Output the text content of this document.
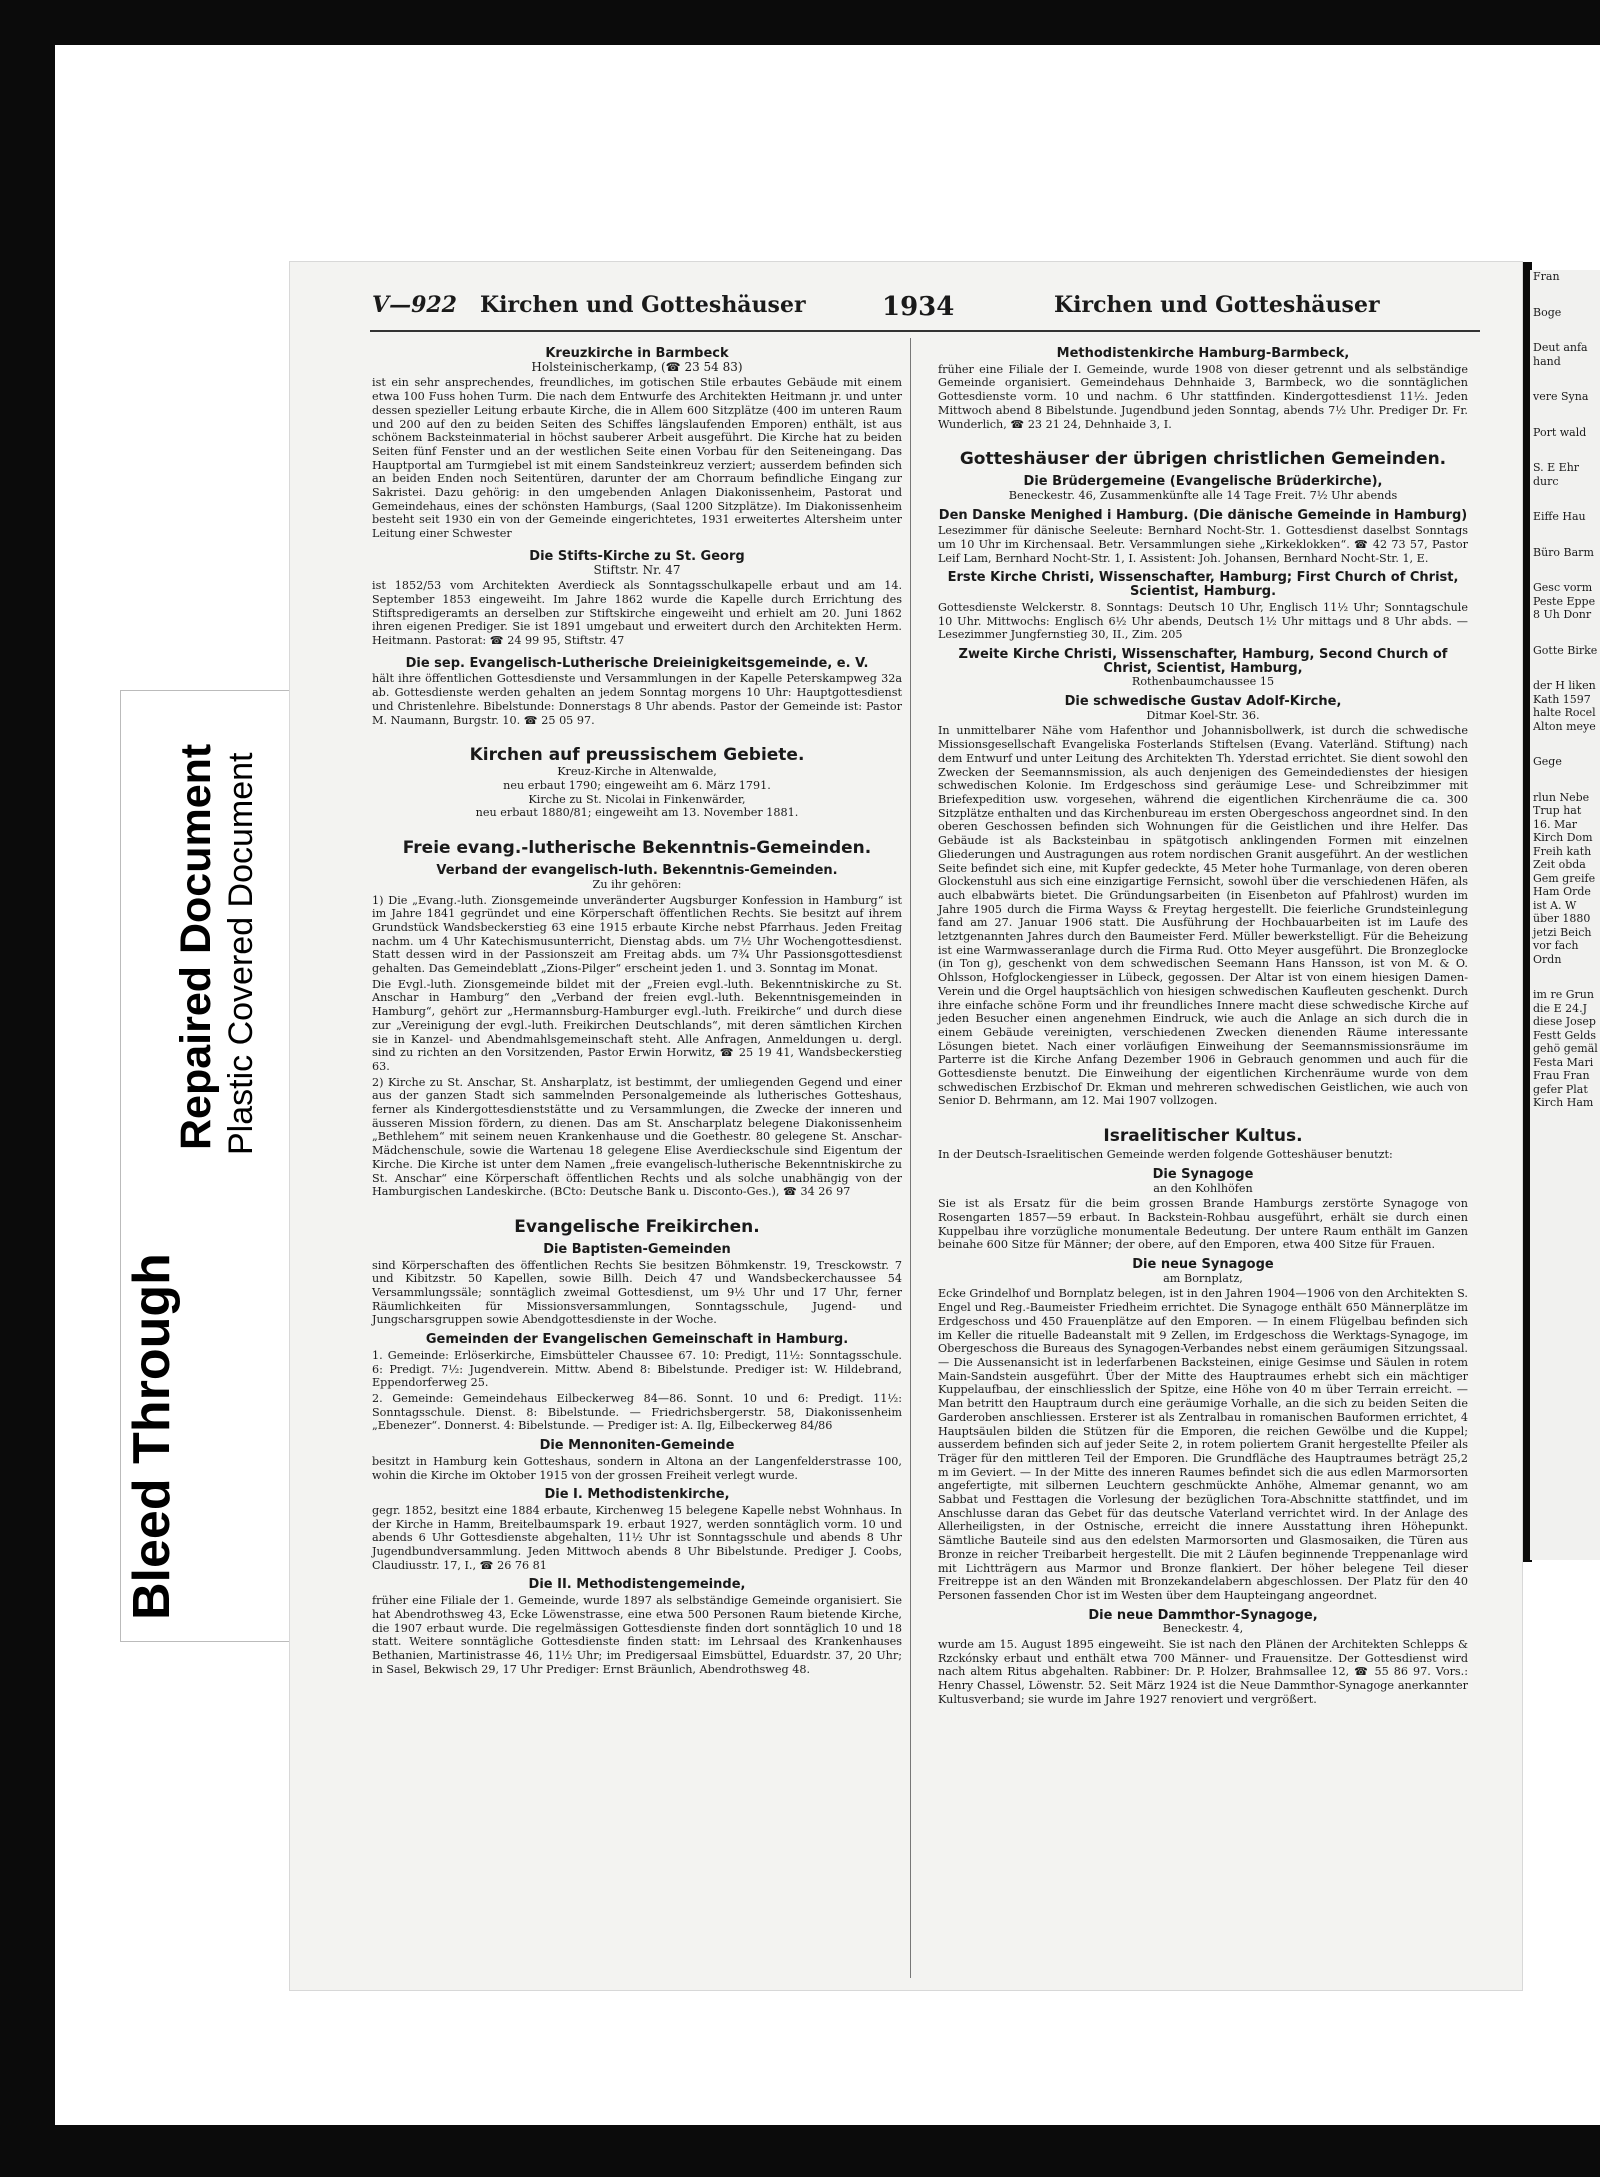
Bleed Through
Repaired Document Plastic Covered Document
V—922 Kirchen und Gotteshäuser	1934	Kirchen und Gotteshäuser

Kreuzkirche in Barmbeck

Holsteinischerkamp, (☎ 23 54 83)

ist ein sehr ansprechendes, freundliches, im gotischen Stile erbautes Gebäude mit einem etwa 100 Fuss hohen Turm. Die nach dem Entwurfe des Architekten Heitmann jr. und unter dessen spezieller Leitung erbaute Kirche, die in Allem 600 Sitzplätze (400 im unteren Raum und 200 auf den zu beiden Seiten des Schiffes längslaufenden Emporen) enthält, ist aus schönem Backsteinmaterial in höchst sauberer Arbeit ausgeführt. Die Kirche hat zu beiden Seiten fünf Fenster und an der westlichen Seite einen Vorbau für den Seiteneingang. Das Hauptportal am Turmgiebel ist mit einem Sandsteinkreuz verziert; ausserdem befinden sich an beiden Enden noch Seitentüren, darunter der am Chorraum befindliche Eingang zur Sakristei. Dazu gehörig: in den umgebenden Anlagen Diakonissenheim, Pastorat und Gemeindehaus, eines der schönsten Hamburgs, (Saal 1200 Sitzplätze). Im Diakonissenheim besteht seit 1930 ein von der Gemeinde eingerichtetes, 1931 erweitertes Altersheim unter Leitung einer Schwester

Die Stifts-Kirche zu St. Georg

Stiftstr. Nr. 47

ist 1852/53 vom Architekten Averdieck als Sonntagsschulkapelle erbaut und am 14. September 1853 eingeweiht. Im Jahre 1862 wurde die Kapelle durch Errichtung des Stiftspredigeramts an derselben zur Stiftskirche eingeweiht und erhielt am 20. Juni 1862 ihren eigenen Prediger. Sie ist 1891 umgebaut und erweitert durch den Architekten Herm. Heitmann. Pastorat: ☎ 24 99 95, Stiftstr. 47

Die sep. Evangelisch-Lutherische Dreieinigkeitsgemeinde, e. V.

hält ihre öffentlichen Gottesdienste und Versammlungen in der Kapelle Peterskampweg 32a ab. Gottesdienste werden gehalten an jedem Sonntag morgens 10 Uhr: Hauptgottesdienst und Christenlehre. Bibelstunde: Donnerstags 8 Uhr abends. Pastor der Gemeinde ist: Pastor M. Naumann, Burgstr. 10. ☎ 25 05 97.

Kirchen auf preussischem Gebiete.

Kreuz-Kirche in Altenwalde,

neu erbaut 1790; eingeweiht am 6. März 1791.

Kirche zu St. Nicolai in Finkenwärder,

neu erbaut 1880/81; eingeweiht am 13. November 1881.

Freie evang.-lutherische Bekenntnis-Gemeinden.

Verband der evangelisch-luth. Bekenntnis-Gemeinden.

Zu ihr gehören:

1) Die „Evang.-luth. Zionsgemeinde unveränderter Augsburger Konfession in Hamburg“ ist im Jahre 1841 gegründet und eine Körperschaft öffentlichen Rechts. Sie besitzt auf ihrem Grundstück Wandsbeckerstieg 63 eine 1915 erbaute Kirche nebst Pfarrhaus. Jeden Freitag nachm. um 4 Uhr Katechismusunterricht, Dienstag abds. um 7½ Uhr Wochengottesdienst. Statt dessen wird in der Passionszeit am Freitag abds. um 7¾ Uhr Passionsgottesdienst gehalten. Das Gemeindeblatt „Zions-Pilger“ erscheint jeden 1. und 3. Sonntag im Monat.

Die Evgl.-luth. Zionsgemeinde bildet mit der „Freien evgl.-luth. Bekenntniskirche zu St. Anschar in Hamburg“ den „Verband der freien evgl.-luth. Bekenntnisgemeinden in Hamburg“, gehört zur „Hermannsburg-Hamburger evgl.-luth. Freikirche“ und durch diese zur „Vereinigung der evgl.-luth. Freikirchen Deutschlands“, mit deren sämtlichen Kirchen sie in Kanzel- und Abendmahlsgemeinschaft steht. Alle Anfragen, Anmeldungen u. dergl. sind zu richten an den Vorsitzenden, Pastor Erwin Horwitz, ☎ 25 19 41, Wandsbeckerstieg 63.

2) Kirche zu St. Anschar, St. Ansharplatz, ist bestimmt, der umliegenden Gegend und einer aus der ganzen Stadt sich sammelnden Personalgemeinde als lutherisches Gotteshaus, ferner als Kindergottesdienststätte und zu Versammlungen, die Zwecke der inneren und äusseren Mission fördern, zu dienen. Das am St. Anscharplatz belegene Diakonissenheim „Bethlehem“ mit seinem neuen Krankenhause und die Goethestr. 80 gelegene St. Anschar-Mädchenschule, sowie die Wartenau 18 gelegene Elise Averdieckschule sind Eigentum der Kirche. Die Kirche ist unter dem Namen „freie evangelisch-lutherische Bekenntniskirche zu St. Anschar“ eine Körperschaft öffentlichen Rechts und als solche unabhängig von der Hamburgischen Landeskirche. (BCto: Deutsche Bank u. Disconto-Ges.), ☎ 34 26 97

Evangelische Freikirchen.

Die Baptisten-Gemeinden

sind Körperschaften des öffentlichen Rechts Sie besitzen Böhmkenstr. 19, Tresckowstr. 7 und Kibitzstr. 50 Kapellen, sowie Billh. Deich 47 und Wandsbeckerchaussee 54 Versammlungssäle; sonntäglich zweimal Gottesdienst, um 9½ Uhr und 17 Uhr, ferner Räumlichkeiten für Missionsversammlungen, Sonntagsschule, Jugend- und Jungscharsgruppen sowie Abendgottesdienste in der Woche.

Gemeinden der Evangelischen Gemeinschaft in Hamburg.

1. Gemeinde: Erlöserkirche, Eimsbütteler Chaussee 67. 10: Predigt, 11½: Sonntagsschule. 6: Predigt. 7½: Jugendverein. Mittw. Abend 8: Bibelstunde. Prediger ist: W. Hildebrand, Eppendorferweg 25.

2. Gemeinde: Gemeindehaus Eilbeckerweg 84—86. Sonnt. 10 und 6: Predigt. 11½: Sonntagsschule. Dienst. 8: Bibelstunde. — Friedrichsbergerstr. 58, Diakonissenheim „Ebenezer“. Donnerst. 4: Bibelstunde. — Prediger ist: A. Ilg, Eilbeckerweg 84/86

Die Mennoniten-Gemeinde

besitzt in Hamburg kein Gotteshaus, sondern in Altona an der Langenfelderstrasse 100, wohin die Kirche im Oktober 1915 von der grossen Freiheit verlegt wurde.

Die I. Methodistenkirche,

gegr. 1852, besitzt eine 1884 erbaute, Kirchenweg 15 belegene Kapelle nebst Wohnhaus. In der Kirche in Hamm, Breitelbaumspark 19. erbaut 1927, werden sonntäglich vorm. 10 und abends 6 Uhr Gottesdienste abgehalten, 11½ Uhr ist Sonntagsschule und abends 8 Uhr Jugendbundversammlung. Jeden Mittwoch abends 8 Uhr Bibelstunde. Prediger J. Coobs, Claudiusstr. 17, I., ☎ 26 76 81

Die II. Methodistengemeinde,

früher eine Filiale der 1. Gemeinde, wurde 1897 als selbständige Gemeinde organisiert. Sie hat Abendrothsweg 43, Ecke Löwenstrasse, eine etwa 500 Personen Raum bietende Kirche, die 1907 erbaut wurde. Die regelmässigen Gottesdienste finden dort sonntäglich 10 und 18 statt. Weitere sonntägliche Gottesdienste finden statt: im Lehrsaal des Krankenhauses Bethanien, Martinistrasse 46, 11½ Uhr; im Predigersaal Eimsbüttel, Eduardstr. 37, 20 Uhr; in Sasel, Bekwisch 29, 17 Uhr Prediger: Ernst Bräunlich, Abendrothsweg 48.

Methodistenkirche Hamburg-Barmbeck,

früher eine Filiale der I. Gemeinde, wurde 1908 von dieser getrennt und als selbständige Gemeinde organisiert. Gemeindehaus Dehnhaide 3, Barmbeck, wo die sonntäglichen Gottesdienste vorm. 10 und nachm. 6 Uhr stattfinden. Kindergottesdienst 11½. Jeden Mittwoch abend 8 Bibelstunde. Jugendbund jeden Sonntag, abends 7½ Uhr. Prediger Dr. Fr. Wunderlich, ☎ 23 21 24, Dehnhaide 3, I.

Gotteshäuser der übrigen christlichen Gemeinden.

Die Brüdergemeine (Evangelische Brüderkirche),

Beneckestr. 46, Zusammenkünfte alle 14 Tage Freit. 7½ Uhr abends

Den Danske Menighed i Hamburg. (Die dänische Gemeinde in Hamburg)

Lesezimmer für dänische Seeleute: Bernhard Nocht-Str. 1. Gottesdienst daselbst Sonntags um 10 Uhr im Kirchensaal. Betr. Versammlungen siehe „Kirkeklokken“. ☎ 42 73 57, Pastor Leif Lam, Bernhard Nocht-Str. 1, I. Assistent: Joh. Johansen, Bernhard Nocht-Str. 1, E.

Erste Kirche Christi, Wissenschafter, Hamburg; First Church of Christ, Scientist, Hamburg.

Gottesdienste Welckerstr. 8. Sonntags: Deutsch 10 Uhr, Englisch 11½ Uhr; Sonntagschule 10 Uhr. Mittwochs: Englisch 6½ Uhr abends, Deutsch 1½ Uhr mittags und 8 Uhr abds. — Lesezimmer Jungfernstieg 30, II., Zim. 205

Zweite Kirche Christi, Wissenschafter, Hamburg, Second Church of Christ, Scientist, Hamburg,

Rothenbaumchaussee 15

Die schwedische Gustav Adolf-Kirche,

Ditmar Koel-Str. 36.

In unmittelbarer Nähe vom Hafenthor und Johannisbollwerk, ist durch die schwedische Missionsgesellschaft Evangeliska Fosterlands Stiftelsen (Evang. Vaterländ. Stiftung) nach dem Entwurf und unter Leitung des Architekten Th. Yderstad errichtet. Sie dient sowohl den Zwecken der Seemannsmission, als auch denjenigen des Gemeindedienstes der hiesigen schwedischen Kolonie. Im Erdgeschoss sind geräumige Lese- und Schreibzimmer mit Briefexpedition usw. vorgesehen, während die eigentlichen Kirchenräume die ca. 300 Sitzplätze enthalten und das Kirchenbureau im ersten Obergeschoss angeordnet sind. In den oberen Geschossen befinden sich Wohnungen für die Geistlichen und ihre Helfer. Das Gebäude ist als Backsteinbau in spätgotisch anklingenden Formen mit einzelnen Gliederungen und Austragungen aus rotem nordischen Granit ausgeführt. An der westlichen Seite befindet sich eine, mit Kupfer gedeckte, 45 Meter hohe Turmanlage, von deren oberen Glockenstuhl aus sich eine einzigartige Fernsicht, sowohl über die verschiedenen Häfen, als auch elbabwärts bietet. Die Gründungsarbeiten (in Eisenbeton auf Pfahlrost) wurden im Jahre 1905 durch die Firma Wayss & Freytag hergestellt. Die feierliche Grundsteinlegung fand am 27. Januar 1906 statt. Die Ausführung der Hochbauarbeiten ist im Laufe des letztgenannten Jahres durch den Baumeister Ferd. Müller bewerkstelligt. Für die Beheizung ist eine Warmwasseranlage durch die Firma Rud. Otto Meyer ausgeführt. Die Bronzeglocke (in Ton g), geschenkt von dem schwedischen Seemann Hans Hansson, ist von M. & O. Ohlsson, Hofglockengiesser in Lübeck, gegossen. Der Altar ist von einem hiesigen Damen-Verein und die Orgel hauptsächlich von hiesigen schwedischen Kaufleuten geschenkt. Durch ihre einfache schöne Form und ihr freundliches Innere macht diese schwedische Kirche auf jeden Besucher einen angenehmen Eindruck, wie auch die Anlage an sich durch die in einem Gebäude vereinigten, verschiedenen Zwecken dienenden Räume interessante Lösungen bietet. Nach einer vorläufigen Einweihung der Seemannsmissionsräume im Parterre ist die Kirche Anfang Dezember 1906 in Gebrauch genommen und auch für die Gottesdienste benutzt. Die Einweihung der eigentlichen Kirchenräume wurde von dem schwedischen Erzbischof Dr. Ekman und mehreren schwedischen Geistlichen, wie auch von Senior D. Behrmann, am 12. Mai 1907 vollzogen.

Israelitischer Kultus.

In der Deutsch-Israelitischen Gemeinde werden folgende Gotteshäuser benutzt:

Die Synagoge

an den Kohlhöfen

Sie ist als Ersatz für die beim grossen Brande Hamburgs zerstörte Synagoge von Rosengarten 1857—59 erbaut. In Backstein-Rohbau ausgeführt, erhält sie durch einen Kuppelbau ihre vorzügliche monumentale Bedeutung. Der untere Raum enthält im Ganzen beinahe 600 Sitze für Männer; der obere, auf den Emporen, etwa 400 Sitze für Frauen.

Die neue Synagoge

am Bornplatz,

Ecke Grindelhof und Bornplatz belegen, ist in den Jahren 1904—1906 von den Architekten S. Engel und Reg.-Baumeister Friedheim errichtet. Die Synagoge enthält 650 Männerplätze im Erdgeschoss und 450 Frauenplätze auf den Emporen. — In einem Flügelbau befinden sich im Keller die rituelle Badeanstalt mit 9 Zellen, im Erdgeschoss die Werktags-Synagoge, im Obergeschoss die Bureaus des Synagogen-Verbandes nebst einem geräumigen Sitzungssaal. — Die Aussenansicht ist in lederfarbenen Backsteinen, einige Gesimse und Säulen in rotem Main-Sandstein ausgeführt. Über der Mitte des Hauptraumes erhebt sich ein mächtiger Kuppelaufbau, der einschliesslich der Spitze, eine Höhe von 40 m über Terrain erreicht. — Man betritt den Hauptraum durch eine geräumige Vorhalle, an die sich zu beiden Seiten die Garderoben anschliessen. Ersterer ist als Zentralbau in romanischen Bauformen errichtet, 4 Hauptsäulen bilden die Stützen für die Emporen, die reichen Gewölbe und die Kuppel; ausserdem befinden sich auf jeder Seite 2, in rotem poliertem Granit hergestellte Pfeiler als Träger für den mittleren Teil der Emporen. Die Grundfläche des Hauptraumes beträgt 25,2 m im Geviert. — In der Mitte des inneren Raumes befindet sich die aus edlen Marmorsorten angefertigte, mit silbernen Leuchtern geschmückte Anhöhe, Almemar genannt, wo am Sabbat und Festtagen die Vorlesung der bezüglichen Tora-Abschnitte stattfindet, und im Anschlusse daran das Gebet für das deutsche Vaterland verrichtet wird. In der Anlage des Allerheiligsten, in der Ostnische, erreicht die innere Ausstattung ihren Höhepunkt. Sämtliche Bauteile sind aus den edelsten Marmorsorten und Glasmosaiken, die Türen aus Bronze in reicher Treibarbeit hergestellt. Die mit 2 Läufen beginnende Treppenanlage wird mit Lichtträgern aus Marmor und Bronze flankiert. Der höher belegene Teil dieser Freitreppe ist an den Wänden mit Bronzekandelabern abgeschlossen. Der Platz für den 40 Personen fassenden Chor ist im Westen über dem Haupteingang angeordnet.

Die neue Dammthor-Synagoge,

Beneckestr. 4,

wurde am 15. August 1895 eingeweiht. Sie ist nach den Plänen der Architekten Schlepps & Rzckónsky erbaut und enthält etwa 700 Männer- und Frauensitze. Der Gottesdienst wird nach altem Ritus abgehalten. Rabbiner: Dr. P. Holzer, Brahmsallee 12, ☎ 55 86 97. Vors.: Henry Chassel, Löwenstr. 52. Seit März 1924 ist die Neue Dammthor-Synagoge anerkannter Kultusverband; sie wurde im Jahre 1927 renoviert und vergrößert.

Fran
Boge
Deut anfa hand
vere Syna
Port wald
S. E Ehr durc
Eiffe Hau
Büro Barm
Gesc vorm Peste Eppe 8 Uh Donr
Gotte Birke
der H liken Kath 1597 halte Rocel Alton meye
Gege
rlun Nebe Trup hat 16. Mar Kirch Dom Freih kath Zeit obda Gem greife Ham Orde ist A. W über 1880 jetzi Beich vor fach Ordn
im re Grun die E 24.J diese Josep Festt Gelds gehö gemäl Festa Mari Frau Fran gefer Plat Kirch Ham
